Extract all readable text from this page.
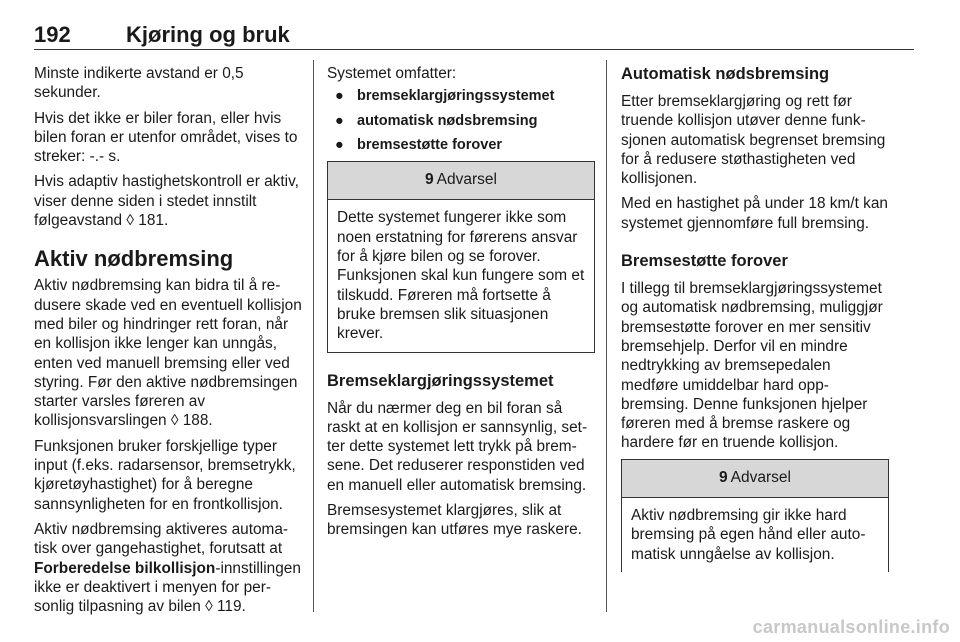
192	Kjøring og bruk

Minste indikerte avstand er 0,5 sekunder.

Hvis det ikke er biler foran, eller hvis bilen foran er utenfor området, vises to streker: -.- s.

Hvis adaptiv hastighetskontroll er aktiv, viser denne siden i stedet innstilt følgeavstand ◊ 181.

Aktiv nødbremsing

Aktiv nødbremsing kan bidra til å redusere skade ved en eventuell kollisjon med biler og hindringer rett foran, når en kollisjon ikke lenger kan unngås, enten ved manuell bremsing eller ved styring. Før den aktive nødbremsingen starter varsles føreren av kollisjonsvarslingen ◊ 188.

Funksjonen bruker forskjellige typer input (f.eks. radarsensor, bremsetrykk, kjøretøyhastighet) for å beregne sannsynligheten for en frontkollisjon.

Aktiv nødbremsing aktiveres automatisk over gangehastighet, forutsatt at Forberedelse bilkollisjon-innstillingen ikke er deaktivert i menyen for personlig tilpasning av bilen ◊ 119.

Systemet omfatter:

● bremseklargjøringssystemet
● automatisk nødsbremsing
● bremsestøtte forover
9 Advarsel
Dette systemet fungerer ikke som noen erstatning for førerens ansvar for å kjøre bilen og se forover. Funksjonen skal kun fungere som et tilskudd. Føreren må fortsette å bruke bremsen slik situasjonen krever.
Bremseklargjøringssystemet

Når du nærmer deg en bil foran så raskt at en kollisjon er sannsynlig, setter dette systemet lett trykk på bremsene. Det reduserer responstiden ved en manuell eller automatisk bremsing.

Bremsesystemet klargjøres, slik at bremsingen kan utføres mye raskere.

Automatisk nødsbremsing

Etter bremseklargjøring og rett før truende kollisjon utøver denne funksjonen automatisk begrenset bremsing for å redusere støthastigheten ved kollisjonen.

Med en hastighet på under 18 km/t kan systemet gjennomføre full bremsing.

Bremsestøtte forover

I tillegg til bremseklargjøringssystemet og automatisk nødbremsing, muliggjør bremsestøtte forover en mer sensitiv bremsehjelp. Derfor vil en mindre nedtrykking av bremsepedalen medføre umiddelbar hard oppbremsing. Denne funksjonen hjelper føreren med å bremse raskere og hardere før en truende kollisjon.

9 Advarsel
Aktiv nødbremsing gir ikke hard bremsing på egen hånd eller automatisk unngåelse av kollisjon.
carmanualsonline.info
